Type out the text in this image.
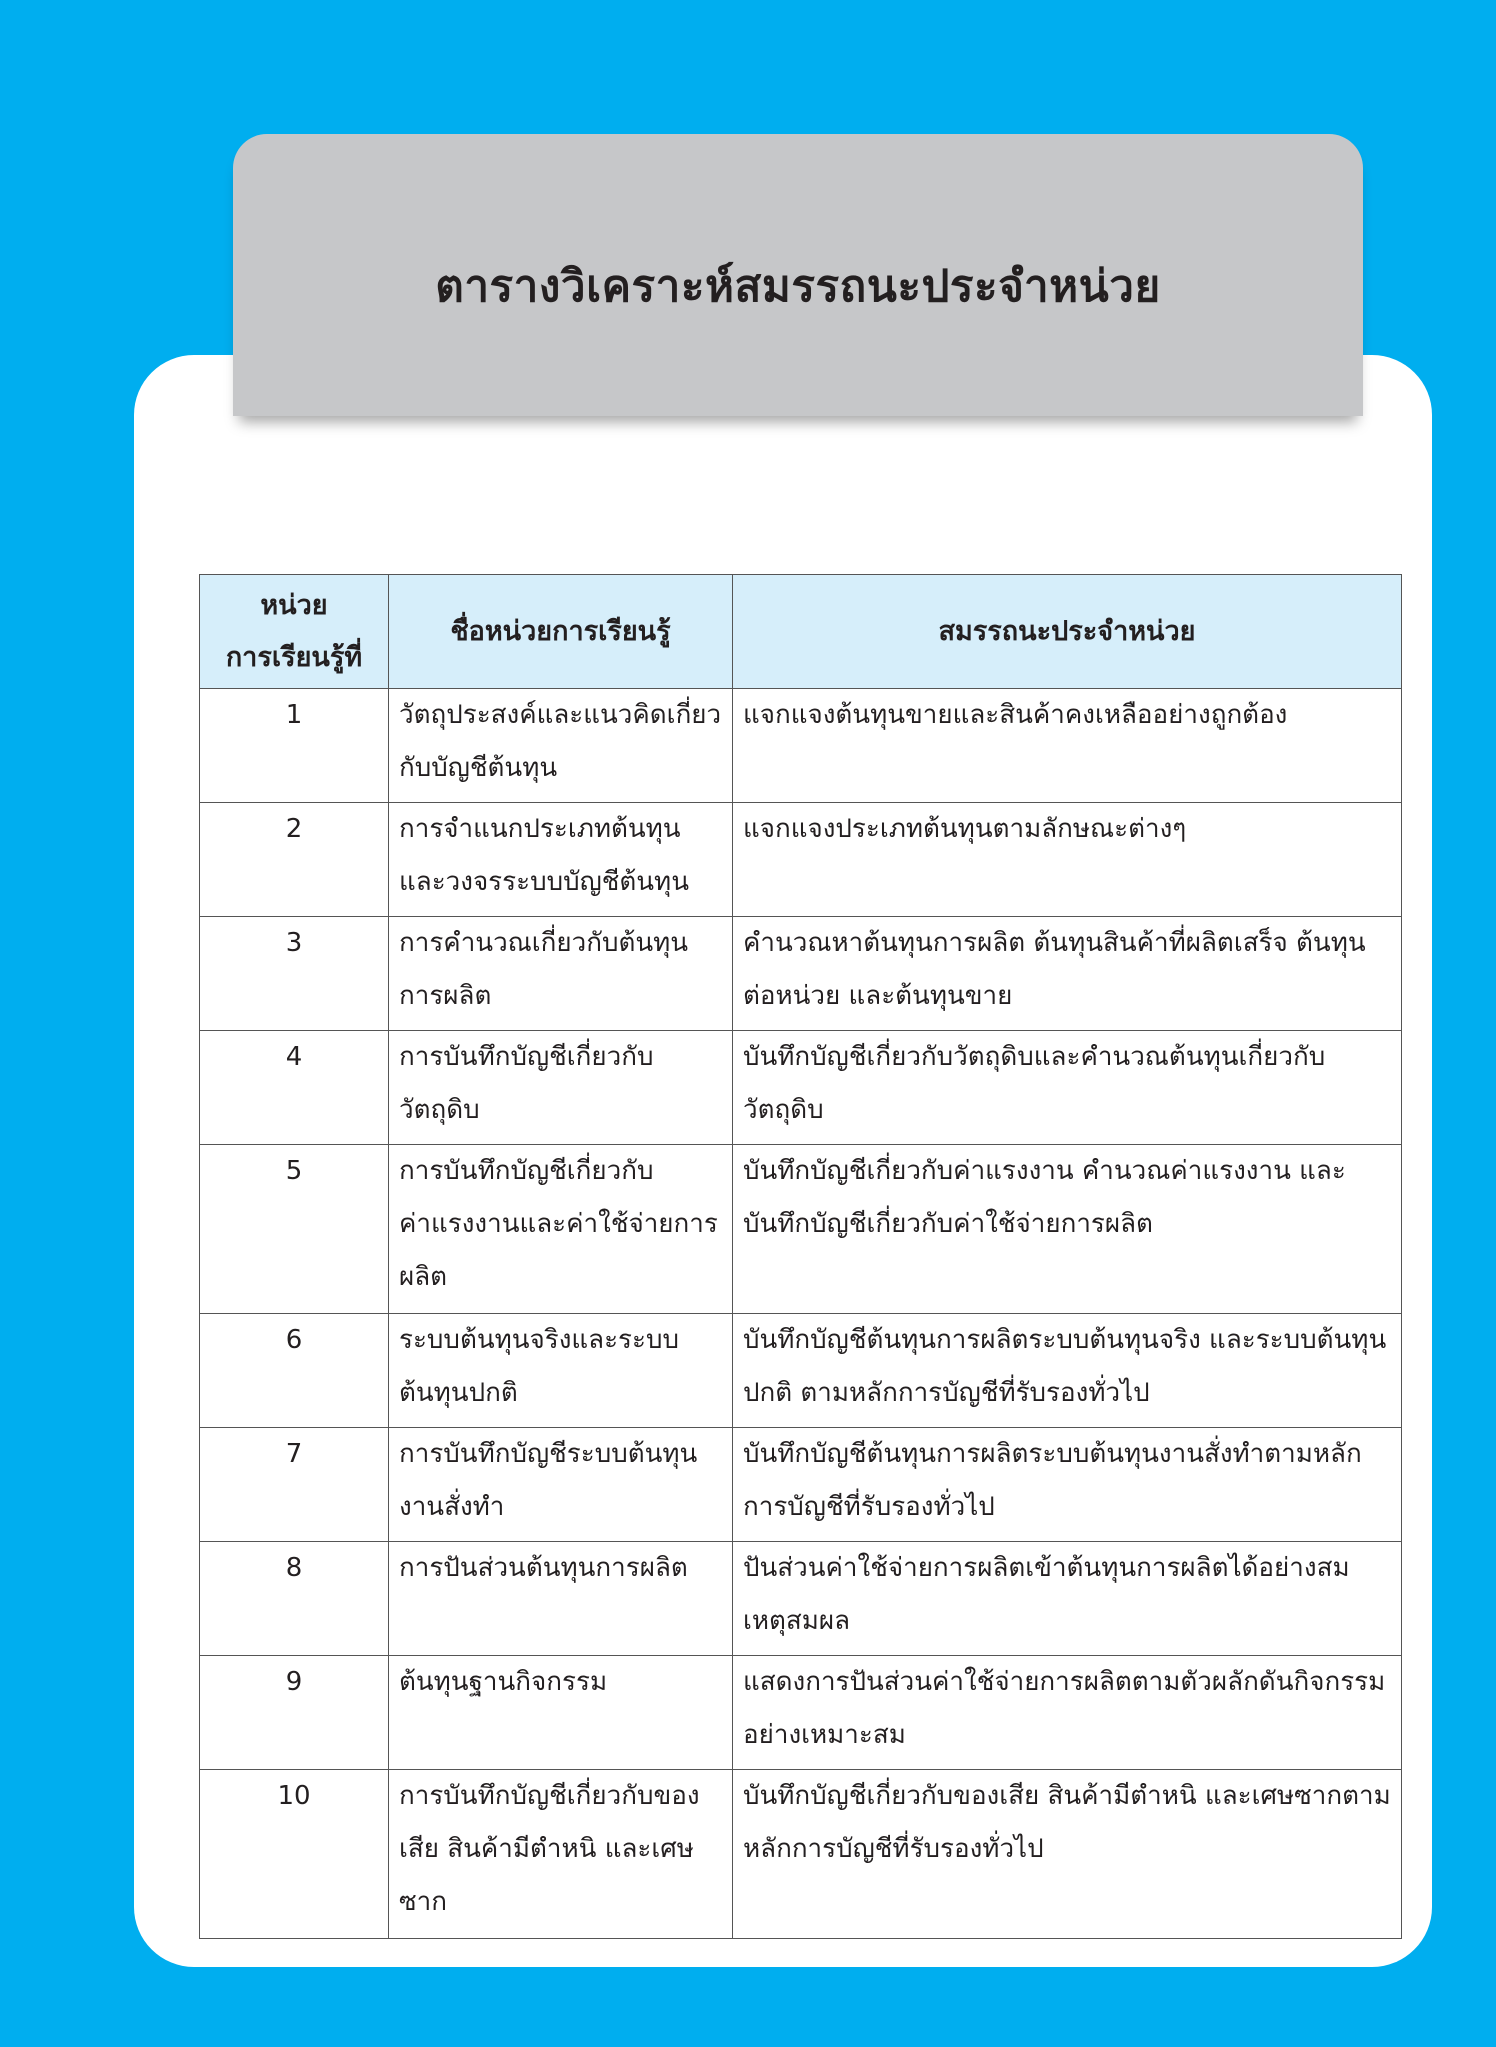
ตารางวิเคราะห์สมรรถนะประจำหน่วย
หน่วย
การเรียนรู้ที่	ชื่อหน่วยการเรียนรู้	สมรรถนะประจำหน่วย
1	วัตถุประสงค์และแนวคิดเกี่ยวกับบัญชีต้นทุน	แจกแจงต้นทุนขายและสินค้าคงเหลืออย่างถูกต้อง
2	การจำแนกประเภทต้นทุนและวงจรระบบบัญชีต้นทุน	แจกแจงประเภทต้นทุนตามลักษณะต่างๆ
3	การคำนวณเกี่ยวกับต้นทุนการผลิต	คำนวณหาต้นทุนการผลิต ต้นทุนสินค้าที่ผลิตเสร็จ ต้นทุนต่อหน่วย และต้นทุนขาย
4	การบันทึกบัญชีเกี่ยวกับวัตถุดิบ	บันทึกบัญชีเกี่ยวกับวัตถุดิบและคำนวณต้นทุนเกี่ยวกับวัตถุดิบ
5	การบันทึกบัญชีเกี่ยวกับค่าแรงงานและค่าใช้จ่ายการผลิต	บันทึกบัญชีเกี่ยวกับค่าแรงงาน คำนวณค่าแรงงาน และบันทึกบัญชีเกี่ยวกับค่าใช้จ่ายการผลิต
6	ระบบต้นทุนจริงและระบบต้นทุนปกติ	บันทึกบัญชีต้นทุนการผลิตระบบต้นทุนจริง และระบบต้นทุนปกติ ตามหลักการบัญชีที่รับรองทั่วไป
7	การบันทึกบัญชีระบบต้นทุนงานสั่งทำ	บันทึกบัญชีต้นทุนการผลิตระบบต้นทุนงานสั่งทำตามหลักการบัญชีที่รับรองทั่วไป
8	การปันส่วนต้นทุนการผลิต	ปันส่วนค่าใช้จ่ายการผลิตเข้าต้นทุนการผลิตได้อย่างสมเหตุสมผล
9	ต้นทุนฐานกิจกรรม	แสดงการปันส่วนค่าใช้จ่ายการผลิตตามตัวผลักดันกิจกรรมอย่างเหมาะสม
10	การบันทึกบัญชีเกี่ยวกับของเสีย สินค้ามีตำหนิ และเศษซาก	บันทึกบัญชีเกี่ยวกับของเสีย สินค้ามีตำหนิ และเศษซากตามหลักการบัญชีที่รับรองทั่วไป
